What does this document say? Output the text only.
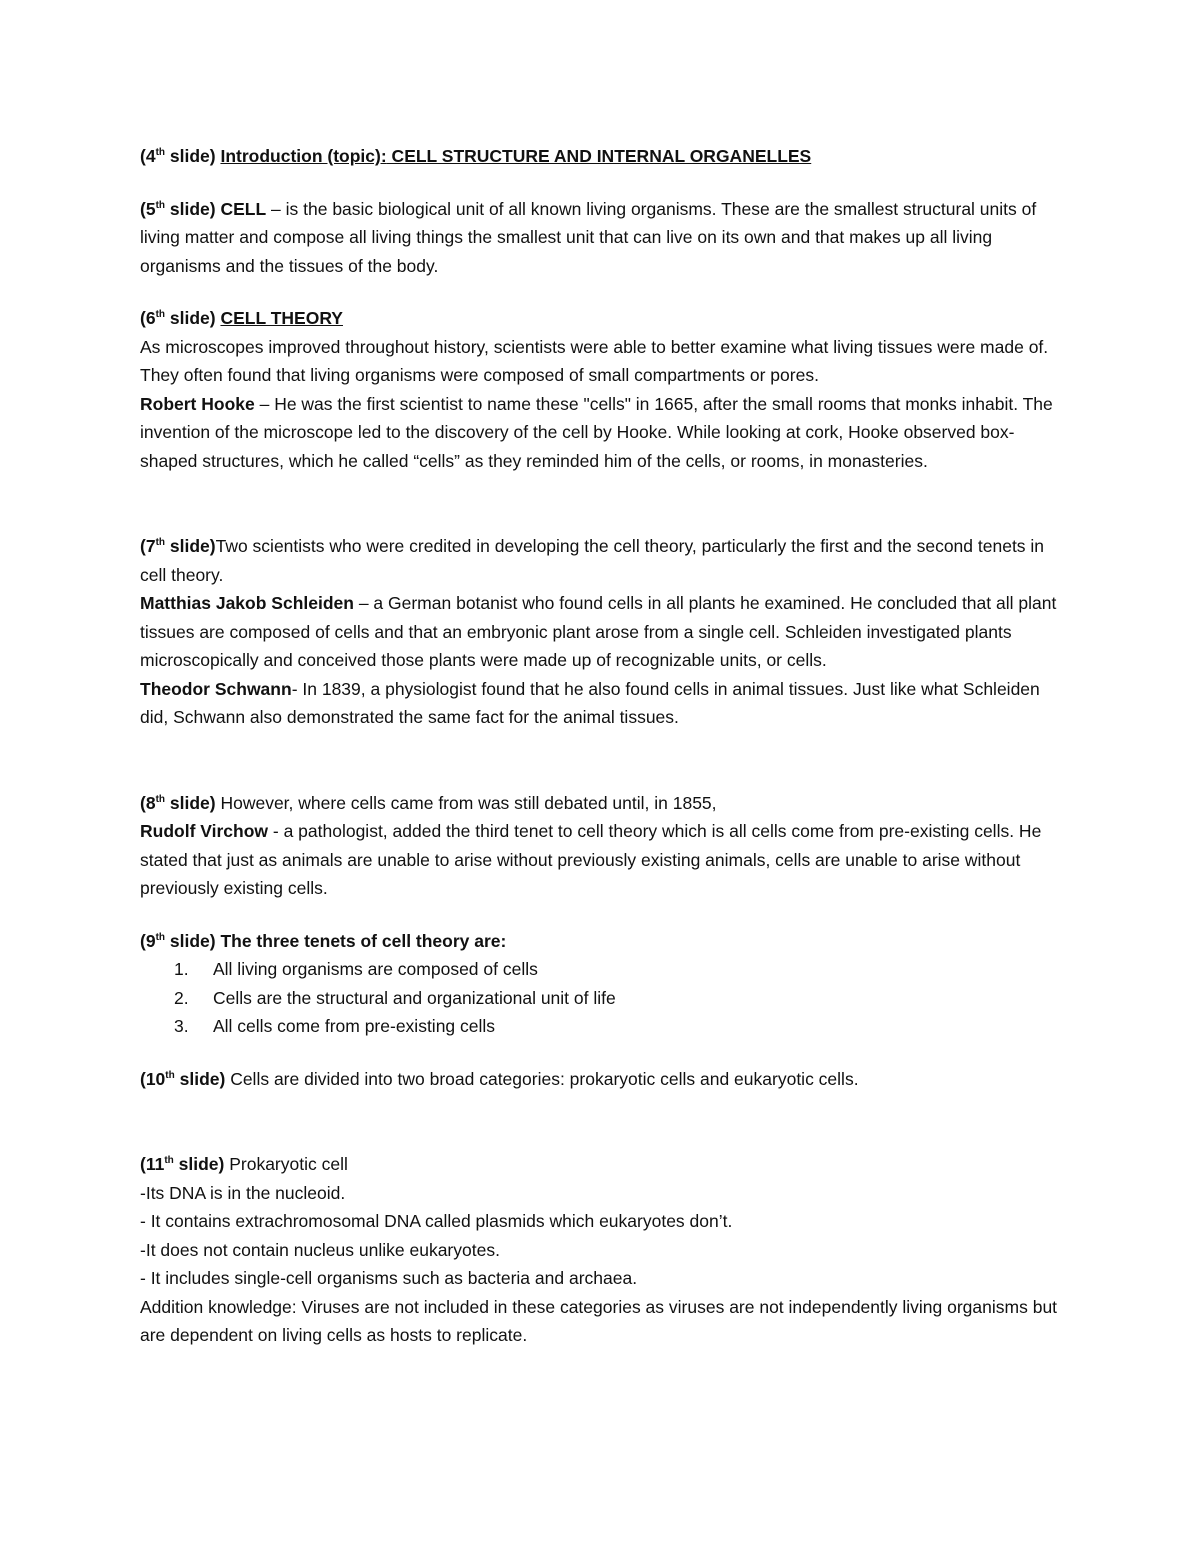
(4th slide) Introduction (topic): CELL STRUCTURE AND INTERNAL ORGANELLES

(5th slide) CELL – is the basic biological unit of all known living organisms. These are the smallest structural units of living matter and compose all living things the smallest unit that can live on its own and that makes up all living organisms and the tissues of the body.

(6th slide) CELL THEORY

As microscopes improved throughout history, scientists were able to better examine what living tissues were made of. They often found that living organisms were composed of small compartments or pores.

Robert Hooke – He was the first scientist to name these "cells" in 1665, after the small rooms that monks inhabit. The invention of the microscope led to the discovery of the cell by Hooke. While looking at cork, Hooke observed box-shaped structures, which he called “cells” as they reminded him of the cells, or rooms, in monasteries.

(7th slide)Two scientists who were credited in developing the cell theory, particularly the first and the second tenets in cell theory.

Matthias Jakob Schleiden – a German botanist who found cells in all plants he examined. He concluded that all plant tissues are composed of cells and that an embryonic plant arose from a single cell. Schleiden investigated plants microscopically and conceived those plants were made up of recognizable units, or cells.

Theodor Schwann- In 1839, a physiologist found that he also found cells in animal tissues. Just like what Schleiden did, Schwann also demonstrated the same fact for the animal tissues.

(8th slide) However, where cells came from was still debated until, in 1855,

Rudolf Virchow - a pathologist, added the third tenet to cell theory which is all cells come from pre-existing cells. He stated that just as animals are unable to arise without previously existing animals, cells are unable to arise without previously existing cells.

(9th slide) The three tenets of cell theory are:

1. All living organisms are composed of cells
2. Cells are the structural and organizational unit of life
3. All cells come from pre-existing cells

(10th slide) Cells are divided into two broad categories: prokaryotic cells and eukaryotic cells.

(11th slide) Prokaryotic cell

-Its DNA is in the nucleoid.

- It contains extrachromosomal DNA called plasmids which eukaryotes don’t.

-It does not contain nucleus unlike eukaryotes.

- It includes single-cell organisms such as bacteria and archaea.

Addition knowledge: Viruses are not included in these categories as viruses are not independently living organisms but are dependent on living cells as hosts to replicate.
